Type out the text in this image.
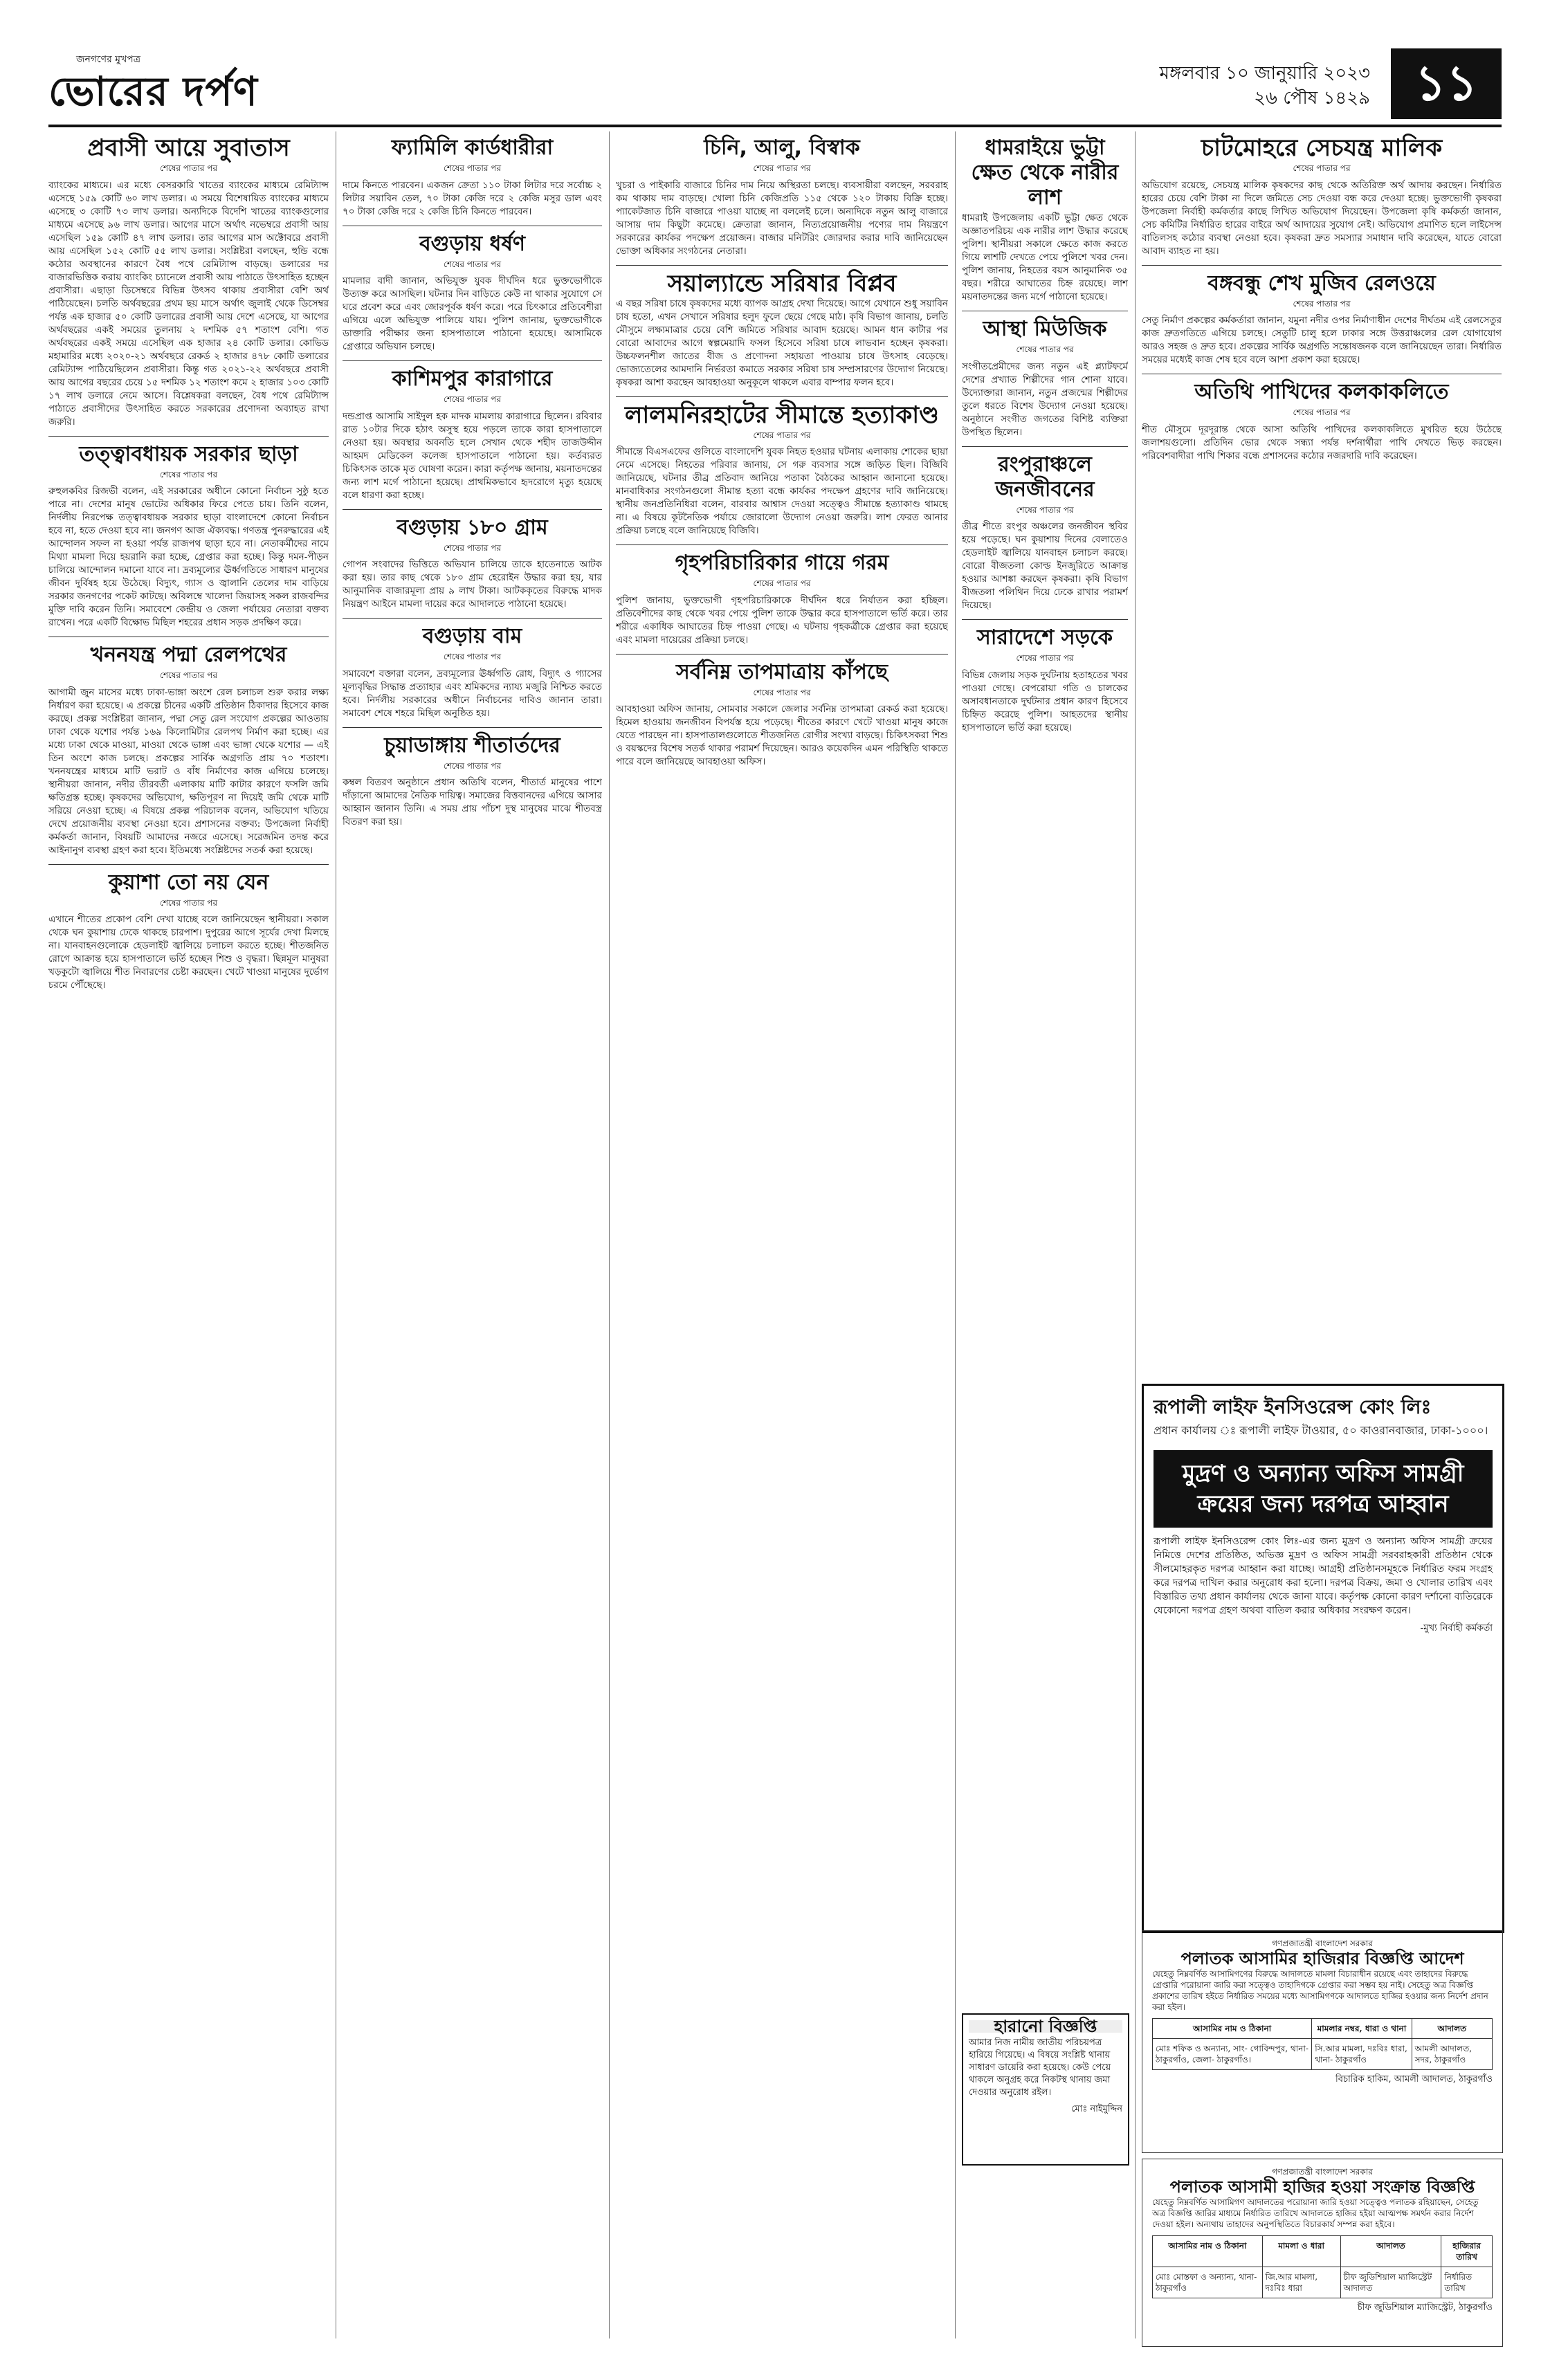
জনগণের মুখপত্র
ভোরের দর্পণ	মঙ্গলবার ১০ জানুয়ারি ২০২৩
২৬ পৌষ ১৪২৯ ১১
প্রবাসী আয়ে সুবাতাস
শেষের পাতার পর

ব্যাংকের মাধ্যমে। এর মধ্যে বেসরকারি খাতের ব্যাংকের মাধ্যমে রেমিট্যান্স এসেছে ১৫৯ কোটি ৬০ লাখ ডলার। এ সময়ে বিশেষায়িত ব্যাংকের মাধ্যমে এসেছে ৩ কোটি ৭৩ লাখ ডলার। অন্যদিকে বিদেশি খাতের ব্যাংকগুলোর মাধ্যমে এসেছে ৯৬ লাখ ডলার। আগের মাসে অর্থাৎ নভেম্বরে প্রবাসী আয় এসেছিল ১৫৯ কোটি ৪৭ লাখ ডলার। তার আগের মাস অক্টোবরে প্রবাসী আয় এসেছিল ১৫২ কোটি ৫৫ লাখ ডলার। সংশ্লিষ্টরা বলছেন, হুন্ডি বন্ধে কঠোর অবস্থানের কারণে বৈধ পথে রেমিট্যান্স বাড়ছে। ডলারের দর বাজারভিত্তিক করায় ব্যাংকিং চ্যানেলে প্রবাসী আয় পাঠাতে উৎসাহিত হচ্ছেন প্রবাসীরা। এছাড়া ডিসেম্বরে বিভিন্ন উৎসব থাকায় প্রবাসীরা বেশি অর্থ পাঠিয়েছেন। চলতি অর্থবছরের প্রথম ছয় মাসে অর্থাৎ জুলাই থেকে ডিসেম্বর পর্যন্ত এক হাজার ৫০ কোটি ডলারের প্রবাসী আয় দেশে এসেছে, যা আগের অর্থবছরের একই সময়ের তুলনায় ২ দশমিক ৫৭ শতাংশ বেশি। গত অর্থবছরের একই সময়ে এসেছিল এক হাজার ২৪ কোটি ডলার। কোভিড মহামারির মধ্যে ২০২০-২১ অর্থবছরে রেকর্ড ২ হাজার ৪৭৮ কোটি ডলারের রেমিট্যান্স পাঠিয়েছিলেন প্রবাসীরা। কিন্তু গত ২০২১-২২ অর্থবছরে প্রবাসী আয় আগের বছরের চেয়ে ১৫ দশমিক ১২ শতাংশ কমে ২ হাজার ১০৩ কোটি ১৭ লাখ ডলারে নেমে আসে। বিশ্লেষকরা বলছেন, বৈধ পথে রেমিট্যান্স পাঠাতে প্রবাসীদের উৎসাহিত করতে সরকারের প্রণোদনা অব্যাহত রাখা জরুরি।

তত্ত্বাবধায়ক সরকার ছাড়া
শেষের পাতার পর

রুহুলকবির রিজভী বলেন, এই সরকারের অধীনে কোনো নির্বাচন সুষ্ঠু হতে পারে না। দেশের মানুষ ভোটের অধিকার ফিরে পেতে চায়। তিনি বলেন, নির্দলীয় নিরপেক্ষ তত্ত্বাবধায়ক সরকার ছাড়া বাংলাদেশে কোনো নির্বাচন হবে না, হতে দেওয়া হবে না। জনগণ আজ ঐক্যবদ্ধ। গণতন্ত্র পুনরুদ্ধারের এই আন্দোলন সফল না হওয়া পর্যন্ত রাজপথ ছাড়া হবে না। নেতাকর্মীদের নামে মিথ্যা মামলা দিয়ে হয়রানি করা হচ্ছে, গ্রেপ্তার করা হচ্ছে। কিন্তু দমন-পীড়ন চালিয়ে আন্দোলন দমানো যাবে না। দ্রব্যমূল্যের ঊর্ধ্বগতিতে সাধারণ মানুষের জীবন দুর্বিষহ হয়ে উঠেছে। বিদ্যুৎ, গ্যাস ও জ্বালানি তেলের দাম বাড়িয়ে সরকার জনগণের পকেট কাটছে। অবিলম্বে খালেদা জিয়াসহ সকল রাজবন্দির মুক্তি দাবি করেন তিনি। সমাবেশে কেন্দ্রীয় ও জেলা পর্যায়ের নেতারা বক্তব্য রাখেন। পরে একটি বিক্ষোভ মিছিল শহরের প্রধান সড়ক প্রদক্ষিণ করে।

খননযন্ত্র পদ্মা রেলপথের
শেষের পাতার পর

আগামী জুন মাসের মধ্যে ঢাকা-ভাঙ্গা অংশে রেল চলাচল শুরু করার লক্ষ্য নির্ধারণ করা হয়েছে। এ প্রকল্পে চীনের একটি প্রতিষ্ঠান ঠিকাদার হিসেবে কাজ করছে। প্রকল্প সংশ্লিষ্টরা জানান, পদ্মা সেতু রেল সংযোগ প্রকল্পের আওতায় ঢাকা থেকে যশোর পর্যন্ত ১৬৯ কিলোমিটার রেলপথ নির্মাণ করা হচ্ছে। এর মধ্যে ঢাকা থেকে মাওয়া, মাওয়া থেকে ভাঙ্গা এবং ভাঙ্গা থেকে যশোর — এই তিন অংশে কাজ চলছে। প্রকল্পের সার্বিক অগ্রগতি প্রায় ৭০ শতাংশ। খননযন্ত্রের মাধ্যমে মাটি ভরাট ও বাঁধ নির্মাণের কাজ এগিয়ে চলেছে। স্থানীয়রা জানান, নদীর তীরবর্তী এলাকায় মাটি কাটার কারণে ফসলি জমি ক্ষতিগ্রস্ত হচ্ছে। কৃষকদের অভিযোগ, ক্ষতিপূরণ না দিয়েই জমি থেকে মাটি সরিয়ে নেওয়া হচ্ছে। এ বিষয়ে প্রকল্প পরিচালক বলেন, অভিযোগ খতিয়ে দেখে প্রয়োজনীয় ব্যবস্থা নেওয়া হবে। প্রশাসনের বক্তব্য: উপজেলা নির্বাহী কর্মকর্তা জানান, বিষয়টি আমাদের নজরে এসেছে। সরেজমিন তদন্ত করে আইনানুগ ব্যবস্থা গ্রহণ করা হবে। ইতিমধ্যে সংশ্লিষ্টদের সতর্ক করা হয়েছে।

কুয়াশা তো নয় যেন
শেষের পাতার পর

এখানে শীতের প্রকোপ বেশি দেখা যাচ্ছে বলে জানিয়েছেন স্থানীয়রা। সকাল থেকে ঘন কুয়াশায় ঢেকে থাকছে চারপাশ। দুপুরের আগে সূর্যের দেখা মিলছে না। যানবাহনগুলোকে হেডলাইট জ্বালিয়ে চলাচল করতে হচ্ছে। শীতজনিত রোগে আক্রান্ত হয়ে হাসপাতালে ভর্তি হচ্ছেন শিশু ও বৃদ্ধরা। ছিন্নমূল মানুষরা খড়কুটো জ্বালিয়ে শীত নিবারণের চেষ্টা করছেন। খেটে খাওয়া মানুষের দুর্ভোগ চরমে পৌঁছেছে।

ফ্যামিলি কার্ডধারীরা
শেষের পাতার পর

দামে কিনতে পারবেন। একজন ক্রেতা ১১০ টাকা লিটার দরে সর্বোচ্চ ২ লিটার সয়াবিন তেল, ৭০ টাকা কেজি দরে ২ কেজি মসুর ডাল এবং ৭০ টাকা কেজি দরে ২ কেজি চিনি কিনতে পারবেন।

বগুড়ায় ধর্ষণ
শেষের পাতার পর

মামলার বাদী জানান, অভিযুক্ত যুবক দীর্ঘদিন ধরে ভুক্তভোগীকে উত্যক্ত করে আসছিল। ঘটনার দিন বাড়িতে কেউ না থাকার সুযোগে সে ঘরে প্রবেশ করে এবং জোরপূর্বক ধর্ষণ করে। পরে চিৎকারে প্রতিবেশীরা এগিয়ে এলে অভিযুক্ত পালিয়ে যায়। পুলিশ জানায়, ভুক্তভোগীকে ডাক্তারি পরীক্ষার জন্য হাসপাতালে পাঠানো হয়েছে। আসামিকে গ্রেপ্তারে অভিযান চলছে।

কাশিমপুর কারাগারে
শেষের পাতার পর

দন্ডপ্রাপ্ত আসামি সাইদুল হক মাদক মামলায় কারাগারে ছিলেন। রবিবার রাত ১০টার দিকে হঠাৎ অসুস্থ হয়ে পড়লে তাকে কারা হাসপাতালে নেওয়া হয়। অবস্থার অবনতি হলে সেখান থেকে শহীদ তাজউদ্দীন আহমদ মেডিকেল কলেজ হাসপাতালে পাঠানো হয়। কর্তব্যরত চিকিৎসক তাকে মৃত ঘোষণা করেন। কারা কর্তৃপক্ষ জানায়, ময়নাতদন্তের জন্য লাশ মর্গে পাঠানো হয়েছে। প্রাথমিকভাবে হৃদরোগে মৃত্যু হয়েছে বলে ধারণা করা হচ্ছে।

বগুড়ায় ১৮০ গ্রাম
শেষের পাতার পর

গোপন সংবাদের ভিত্তিতে অভিযান চালিয়ে তাকে হাতেনাতে আটক করা হয়। তার কাছ থেকে ১৮০ গ্রাম হেরোইন উদ্ধার করা হয়, যার আনুমানিক বাজারমূল্য প্রায় ৯ লাখ টাকা। আটককৃতের বিরুদ্ধে মাদক নিয়ন্ত্রণ আইনে মামলা দায়ের করে আদালতে পাঠানো হয়েছে।

বগুড়ায় বাম
শেষের পাতার পর

সমাবেশে বক্তারা বলেন, দ্রব্যমূল্যের ঊর্ধ্বগতি রোধ, বিদ্যুৎ ও গ্যাসের মূল্যবৃদ্ধির সিদ্ধান্ত প্রত্যাহার এবং শ্রমিকদের ন্যায্য মজুরি নিশ্চিত করতে হবে। নির্দলীয় সরকারের অধীনে নির্বাচনের দাবিও জানান তারা। সমাবেশ শেষে শহরে মিছিল অনুষ্ঠিত হয়।

চুয়াডাঙ্গায় শীতার্তদের
শেষের পাতার পর

কম্বল বিতরণ অনুষ্ঠানে প্রধান অতিথি বলেন, শীতার্ত মানুষের পাশে দাঁড়ানো আমাদের নৈতিক দায়িত্ব। সমাজের বিত্তবানদের এগিয়ে আসার আহ্বান জানান তিনি। এ সময় প্রায় পাঁচশ দুস্থ মানুষের মাঝে শীতবস্ত্র বিতরণ করা হয়।

চিনি, আলু, বিস্বাক
শেষের পাতার পর

খুচরা ও পাইকারি বাজারে চিনির দাম নিয়ে অস্থিরতা চলছে। ব্যবসায়ীরা বলছেন, সরবরাহ কম থাকায় দাম বাড়ছে। খোলা চিনি কেজিপ্রতি ১১৫ থেকে ১২০ টাকায় বিক্রি হচ্ছে। প্যাকেটজাত চিনি বাজারে পাওয়া যাচ্ছে না বললেই চলে। অন্যদিকে নতুন আলু বাজারে আসায় দাম কিছুটা কমেছে। ক্রেতারা জানান, নিত্যপ্রয়োজনীয় পণ্যের দাম নিয়ন্ত্রণে সরকারের কার্যকর পদক্ষেপ প্রয়োজন। বাজার মনিটরিং জোরদার করার দাবি জানিয়েছেন ভোক্তা অধিকার সংগঠনের নেতারা।

সয়াল্যান্ডে সরিষার বিপ্লব

এ বছর সরিষা চাষে কৃষকদের মধ্যে ব্যাপক আগ্রহ দেখা দিয়েছে। আগে যেখানে শুধু সয়াবিন চাষ হতো, এখন সেখানে সরিষার হলুদ ফুলে ছেয়ে গেছে মাঠ। কৃষি বিভাগ জানায়, চলতি মৌসুমে লক্ষ্যমাত্রার চেয়ে বেশি জমিতে সরিষার আবাদ হয়েছে। আমন ধান কাটার পর বোরো আবাদের আগে স্বল্পমেয়াদি ফসল হিসেবে সরিষা চাষে লাভবান হচ্ছেন কৃষকরা। উচ্চফলনশীল জাতের বীজ ও প্রণোদনা সহায়তা পাওয়ায় চাষে উৎসাহ বেড়েছে। ভোজ্যতেলের আমদানি নির্ভরতা কমাতে সরকার সরিষা চাষ সম্প্রসারণের উদ্যোগ নিয়েছে। কৃষকরা আশা করছেন আবহাওয়া অনুকূলে থাকলে এবার বাম্পার ফলন হবে।

লালমনিরহাটের সীমান্তে হত্যাকাণ্ড
শেষের পাতার পর

সীমান্তে বিএসএফের গুলিতে বাংলাদেশি যুবক নিহত হওয়ার ঘটনায় এলাকায় শোকের ছায়া নেমে এসেছে। নিহতের পরিবার জানায়, সে গরু ব্যবসার সঙ্গে জড়িত ছিল। বিজিবি জানিয়েছে, ঘটনার তীব্র প্রতিবাদ জানিয়ে পতাকা বৈঠকের আহ্বান জানানো হয়েছে। মানবাধিকার সংগঠনগুলো সীমান্ত হত্যা বন্ধে কার্যকর পদক্ষেপ গ্রহণের দাবি জানিয়েছে। স্থানীয় জনপ্রতিনিধিরা বলেন, বারবার আশ্বাস দেওয়া সত্ত্বেও সীমান্তে হত্যাকাণ্ড থামছে না। এ বিষয়ে কূটনৈতিক পর্যায়ে জোরালো উদ্যোগ নেওয়া জরুরি। লাশ ফেরত আনার প্রক্রিয়া চলছে বলে জানিয়েছে বিজিবি।

গৃহপরিচারিকার গায়ে গরম
শেষের পাতার পর

পুলিশ জানায়, ভুক্তভোগী গৃহপরিচারিকাকে দীর্ঘদিন ধরে নির্যাতন করা হচ্ছিল। প্রতিবেশীদের কাছ থেকে খবর পেয়ে পুলিশ তাকে উদ্ধার করে হাসপাতালে ভর্তি করে। তার শরীরে একাধিক আঘাতের চিহ্ন পাওয়া গেছে। এ ঘটনায় গৃহকর্ত্রীকে গ্রেপ্তার করা হয়েছে এবং মামলা দায়েরের প্রক্রিয়া চলছে।

সর্বনিম্ন তাপমাত্রায় কাঁপছে
শেষের পাতার পর

আবহাওয়া অফিস জানায়, সোমবার সকালে জেলার সর্বনিম্ন তাপমাত্রা রেকর্ড করা হয়েছে। হিমেল হাওয়ায় জনজীবন বিপর্যস্ত হয়ে পড়েছে। শীতের কারণে খেটে খাওয়া মানুষ কাজে যেতে পারছেন না। হাসপাতালগুলোতে শীতজনিত রোগীর সংখ্যা বাড়ছে। চিকিৎসকরা শিশু ও বয়স্কদের বিশেষ সতর্ক থাকার পরামর্শ দিয়েছেন। আরও কয়েকদিন এমন পরিস্থিতি থাকতে পারে বলে জানিয়েছে আবহাওয়া অফিস।

ধামরাইয়ে ভুট্টা ক্ষেত থেকে নারীর লাশ

ধামরাই উপজেলায় একটি ভুট্টা ক্ষেত থেকে অজ্ঞাতপরিচয় এক নারীর লাশ উদ্ধার করেছে পুলিশ। স্থানীয়রা সকালে ক্ষেতে কাজ করতে গিয়ে লাশটি দেখতে পেয়ে পুলিশে খবর দেন। পুলিশ জানায়, নিহতের বয়স আনুমানিক ৩৫ বছর। শরীরে আঘাতের চিহ্ন রয়েছে। লাশ ময়নাতদন্তের জন্য মর্গে পাঠানো হয়েছে।

আস্থা মিউজিক
শেষের পাতার পর

সংগীতপ্রেমীদের জন্য নতুন এই প্ল্যাটফর্মে দেশের প্রখ্যাত শিল্পীদের গান শোনা যাবে। উদ্যোক্তারা জানান, নতুন প্রজন্মের শিল্পীদের তুলে ধরতে বিশেষ উদ্যোগ নেওয়া হয়েছে। অনুষ্ঠানে সংগীত জগতের বিশিষ্ট ব্যক্তিরা উপস্থিত ছিলেন।

রংপুরাঞ্চলে জনজীবনের
শেষের পাতার পর

তীব্র শীতে রংপুর অঞ্চলের জনজীবন স্থবির হয়ে পড়েছে। ঘন কুয়াশায় দিনের বেলাতেও হেডলাইট জ্বালিয়ে যানবাহন চলাচল করছে। বোরো বীজতলা কোল্ড ইনজুরিতে আক্রান্ত হওয়ার আশঙ্কা করছেন কৃষকরা। কৃষি বিভাগ বীজতলা পলিথিন দিয়ে ঢেকে রাখার পরামর্শ দিয়েছে।

সারাদেশে সড়কে
শেষের পাতার পর

বিভিন্ন জেলায় সড়ক দুর্ঘটনায় হতাহতের খবর পাওয়া গেছে। বেপরোয়া গতি ও চালকের অসাবধানতাকে দুর্ঘটনার প্রধান কারণ হিসেবে চিহ্নিত করেছে পুলিশ। আহতদের স্থানীয় হাসপাতালে ভর্তি করা হয়েছে।

হারানো বিজ্ঞপ্তি
আমার নিজ নামীয় জাতীয় পরিচয়পত্র হারিয়ে গিয়েছে। এ বিষয়ে সংশ্লিষ্ট থানায় সাধারণ ডায়েরি করা হয়েছে। কেউ পেয়ে থাকলে অনুগ্রহ করে নিকটস্থ থানায় জমা দেওয়ার অনুরোধ রইল।
মোঃ নাইমুদ্দিন
চাটমোহরে সেচযন্ত্র মালিক
শেষের পাতার পর

অভিযোগ রয়েছে, সেচযন্ত্র মালিক কৃষকদের কাছ থেকে অতিরিক্ত অর্থ আদায় করছেন। নির্ধারিত হারের চেয়ে বেশি টাকা না দিলে জমিতে সেচ দেওয়া বন্ধ করে দেওয়া হচ্ছে। ভুক্তভোগী কৃষকরা উপজেলা নির্বাহী কর্মকর্তার কাছে লিখিত অভিযোগ দিয়েছেন। উপজেলা কৃষি কর্মকর্তা জানান, সেচ কমিটির নির্ধারিত হারের বাইরে অর্থ আদায়ের সুযোগ নেই। অভিযোগ প্রমাণিত হলে লাইসেন্স বাতিলসহ কঠোর ব্যবস্থা নেওয়া হবে। কৃষকরা দ্রুত সমস্যার সমাধান দাবি করেছেন, যাতে বোরো আবাদ ব্যাহত না হয়।

বঙ্গবন্ধু শেখ মুজিব রেলওয়ে
শেষের পাতার পর

সেতু নির্মাণ প্রকল্পের কর্মকর্তারা জানান, যমুনা নদীর ওপর নির্মাণাধীন দেশের দীর্ঘতম এই রেলসেতুর কাজ দ্রুতগতিতে এগিয়ে চলছে। সেতুটি চালু হলে ঢাকার সঙ্গে উত্তরাঞ্চলের রেল যোগাযোগ আরও সহজ ও দ্রুত হবে। প্রকল্পের সার্বিক অগ্রগতি সন্তোষজনক বলে জানিয়েছেন তারা। নির্ধারিত সময়ের মধ্যেই কাজ শেষ হবে বলে আশা প্রকাশ করা হয়েছে।

অতিথি পাখিদের কলকাকলিতে
শেষের পাতার পর

শীত মৌসুমে দূরদূরান্ত থেকে আসা অতিথি পাখিদের কলকাকলিতে মুখরিত হয়ে উঠেছে জলাশয়গুলো। প্রতিদিন ভোর থেকে সন্ধ্যা পর্যন্ত দর্শনার্থীরা পাখি দেখতে ভিড় করছেন। পরিবেশবাদীরা পাখি শিকার বন্ধে প্রশাসনের কঠোর নজরদারি দাবি করেছেন।

রূপালী লাইফ ইনসিওরেন্স কোং লিঃ
প্রধান কার্যালয় ঃ রূপালী লাইফ টাওয়ার, ৫০ কাওরানবাজার, ঢাকা-১০০০।
মুদ্রণ ও অন্যান্য অফিস সামগ্রী ক্রয়ের জন্য দরপত্র আহ্বান
রূপালী লাইফ ইনসিওরেন্স কোং লিঃ-এর জন্য মুদ্রণ ও অন্যান্য অফিস সামগ্রী ক্রয়ের নিমিত্তে দেশের প্রতিষ্ঠিত, অভিজ্ঞ মুদ্রণ ও অফিস সামগ্রী সরবরাহকারী প্রতিষ্ঠান থেকে সীলমোহরকৃত দরপত্র আহ্বান করা যাচ্ছে। আগ্রহী প্রতিষ্ঠানসমূহকে নির্ধারিত ফরম সংগ্রহ করে দরপত্র দাখিল করার অনুরোধ করা হলো। দরপত্র বিক্রয়, জমা ও খোলার তারিখ এবং বিস্তারিত তথ্য প্রধান কার্যালয় থেকে জানা যাবে। কর্তৃপক্ষ কোনো কারণ দর্শানো ব্যতিরেকে যেকোনো দরপত্র গ্রহণ অথবা বাতিল করার অধিকার সংরক্ষণ করেন।
-মুখ্য নির্বাহী কর্মকর্তা
গণপ্রজাতন্ত্রী বাংলাদেশ সরকার
পলাতক আসামির হাজিরার বিজ্ঞপ্তি আদেশ
যেহেতু নিম্নবর্ণিত আসামিগণের বিরুদ্ধে আদালতে মামলা বিচারাধীন রয়েছে এবং তাহাদের বিরুদ্ধে গ্রেপ্তারি পরোয়ানা জারি করা সত্ত্বেও তাহাদিগকে গ্রেপ্তার করা সম্ভব হয় নাই। সেহেতু অত্র বিজ্ঞপ্তি প্রকাশের তারিখ হইতে নির্ধারিত সময়ের মধ্যে আসামিগণকে আদালতে হাজির হওয়ার জন্য নির্দেশ প্রদান করা হইল।
আসামির নাম ও ঠিকানা	মামলার নম্বর, ধারা ও থানা	আদালত
মোঃ শফিক ও অন্যান্য, সাং- গোবিন্দপুর, থানা- ঠাকুরগাঁও, জেলা- ঠাকুরগাঁও।	সি.আর মামলা, দঃবিঃ ধারা, থানা- ঠাকুরগাঁও	আমলী আদালত, সদর, ঠাকুরগাঁও
বিচারিক হাকিম, আমলী আদালত, ঠাকুরগাঁও
গণপ্রজাতন্ত্রী বাংলাদেশ সরকার
পলাতক আসামী হাজির হওয়া সংক্রান্ত বিজ্ঞপ্তি
যেহেতু নিম্নবর্ণিত আসামিগণ আদালতের পরোয়ানা জারি হওয়া সত্ত্বেও পলাতক রহিয়াছেন, সেহেতু অত্র বিজ্ঞপ্তি জারির মাধ্যমে নির্ধারিত তারিখে আদালতে হাজির হইয়া আত্মপক্ষ সমর্থন করার নির্দেশ দেওয়া হইল। অন্যথায় তাহাদের অনুপস্থিতিতে বিচারকার্য সম্পন্ন করা হইবে।
আসামির নাম ও ঠিকানা	মামলা ও ধারা	আদালত	হাজিরার তারিখ
মোঃ মোস্তফা ও অন্যান্য, থানা- ঠাকুরগাঁও	জি.আর মামলা, দঃবিঃ ধারা	চীফ জুডিশিয়াল ম্যাজিস্ট্রেট আদালত	নির্ধারিত তারিখ
চীফ জুডিশিয়াল ম্যাজিস্ট্রেট, ঠাকুরগাঁও
